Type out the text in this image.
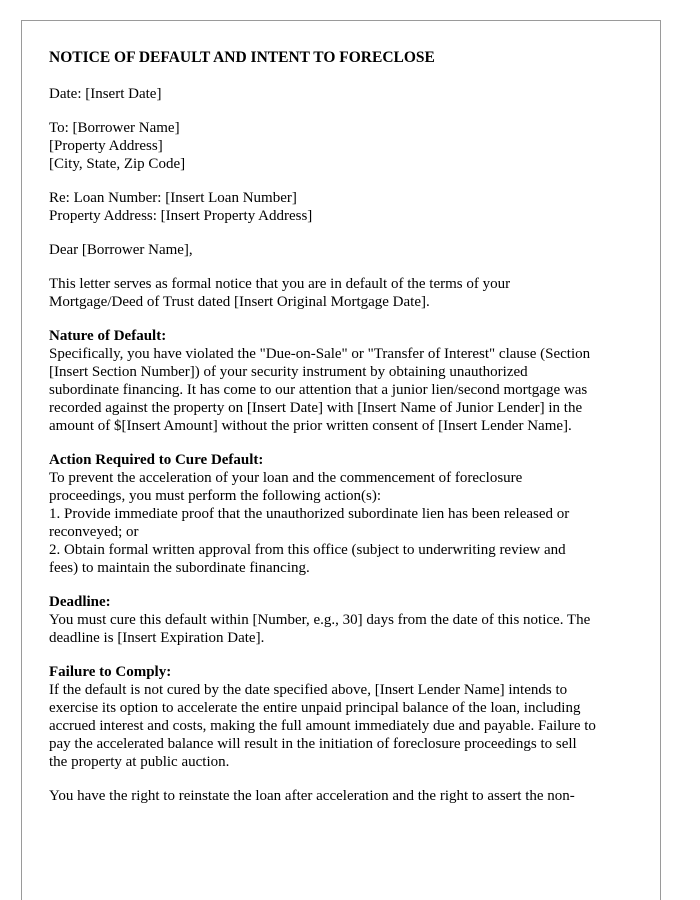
NOTICE OF DEFAULT AND INTENT TO FORECLOSE
Date: [Insert Date]
To: [Borrower Name]
[Property Address]
[City, State, Zip Code]
Re: Loan Number: [Insert Loan Number]
Property Address: [Insert Property Address]
Dear [Borrower Name],
This letter serves as formal notice that you are in default of the terms of your
Mortgage/Deed of Trust dated [Insert Original Mortgage Date].
Nature of Default:
Specifically, you have violated the "Due-on-Sale" or "Transfer of Interest" clause (Section
[Insert Section Number]) of your security instrument by obtaining unauthorized
subordinate financing. It has come to our attention that a junior lien/second mortgage was
recorded against the property on [Insert Date] with [Insert Name of Junior Lender] in the
amount of $[Insert Amount] without the prior written consent of [Insert Lender Name].
Action Required to Cure Default:
To prevent the acceleration of your loan and the commencement of foreclosure
proceedings, you must perform the following action(s):
1. Provide immediate proof that the unauthorized subordinate lien has been released or
reconveyed; or
2. Obtain formal written approval from this office (subject to underwriting review and
fees) to maintain the subordinate financing.
Deadline:
You must cure this default within [Number, e.g., 30] days from the date of this notice. The
deadline is [Insert Expiration Date].
Failure to Comply:
If the default is not cured by the date specified above, [Insert Lender Name] intends to
exercise its option to accelerate the entire unpaid principal balance of the loan, including
accrued interest and costs, making the full amount immediately due and payable. Failure to
pay the accelerated balance will result in the initiation of foreclosure proceedings to sell
the property at public auction.
You have the right to reinstate the loan after acceleration and the right to assert the non-
